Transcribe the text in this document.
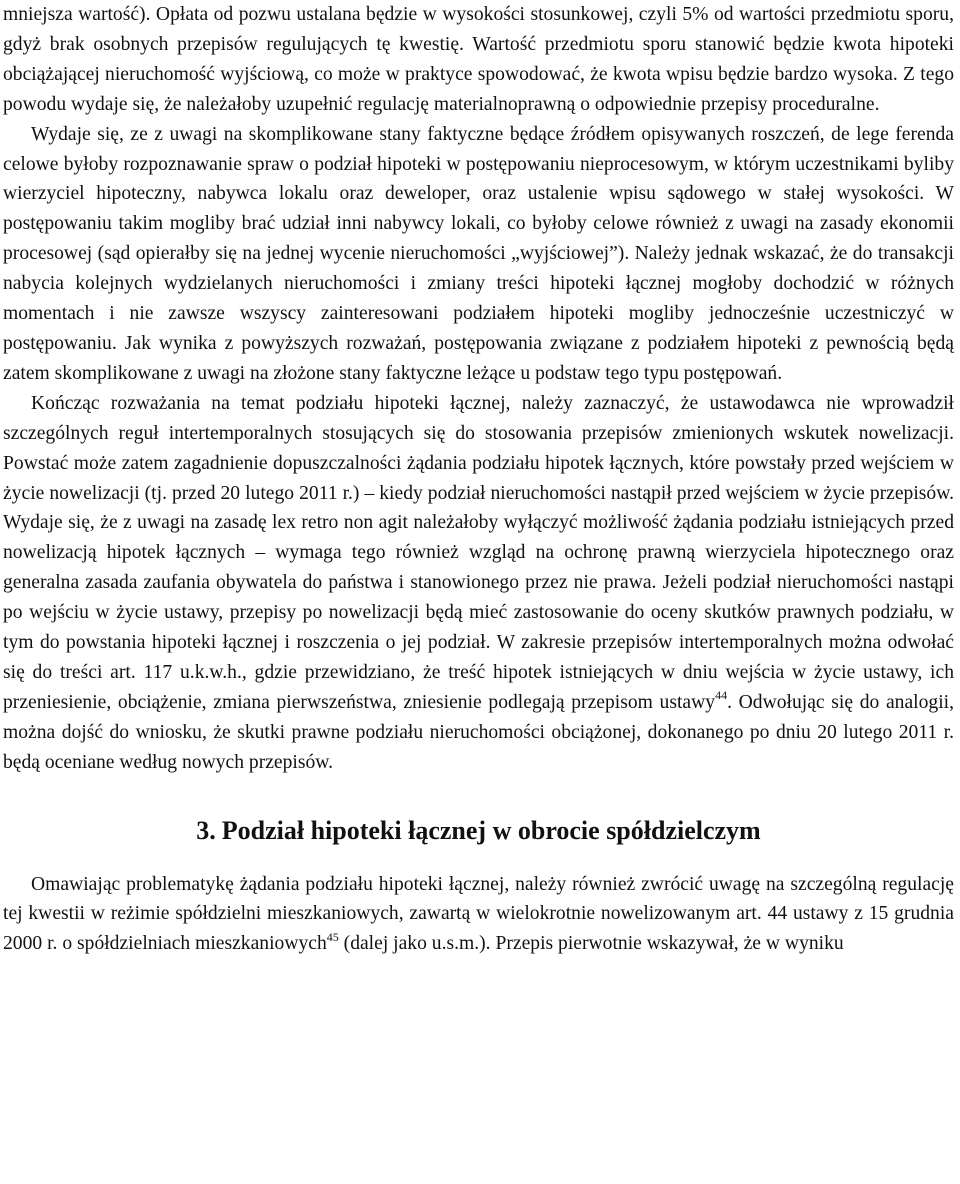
mniejsza wartość). Opłata od pozwu ustalana będzie w wysokości stosunkowej, czyli 5% od wartości przedmiotu sporu, gdyż brak osobnych przepisów regulujących tę kwestię. Wartość przedmiotu sporu stanowić będzie kwota hipoteki obciążającej nieruchomość wyjściową, co może w praktyce spowodować, że kwota wpisu będzie bardzo wysoka. Z tego powodu wydaje się, że należałoby uzupełnić regulację materialnoprawną o odpowiednie przepisy proceduralne.

Wydaje się, ze z uwagi na skomplikowane stany faktyczne będące źródłem opisywanych roszczeń, de lege ferenda celowe byłoby rozpoznawanie spraw o podział hipoteki w postępowaniu nieprocesowym, w którym uczestnikami byliby wierzyciel hipoteczny, nabywca lokalu oraz deweloper, oraz ustalenie wpisu sądowego w stałej wysokości. W postępowaniu takim mogliby brać udział inni nabywcy lokali, co byłoby celowe również z uwagi na zasady ekonomii procesowej (sąd opierałby się na jednej wycenie nieruchomości „wyjściowej”). Należy jednak wskazać, że do transakcji nabycia kolejnych wydzielanych nieruchomości i zmiany treści hipoteki łącznej mogłoby dochodzić w różnych momentach i nie zawsze wszyscy zainteresowani podziałem hipoteki mogliby jednocześnie uczestniczyć w postępowaniu. Jak wynika z powyższych rozważań, postępowania związane z podziałem hipoteki z pewnością będą zatem skomplikowane z uwagi na złożone stany faktyczne leżące u podstaw tego typu postępowań.

Kończąc rozważania na temat podziału hipoteki łącznej, należy zaznaczyć, że ustawodawca nie wprowadził szczególnych reguł intertemporalnych stosujących się do stosowania przepisów zmienionych wskutek nowelizacji. Powstać może zatem zagadnienie dopuszczalności żądania podziału hipotek łącznych, które powstały przed wejściem w życie nowelizacji (tj. przed 20 lutego 2011 r.) – kiedy podział nieruchomości nastąpił przed wejściem w życie przepisów. Wydaje się, że z uwagi na zasadę lex retro non agit należałoby wyłączyć możliwość żądania podziału istniejących przed nowelizacją hipotek łącznych – wymaga tego również wzgląd na ochronę prawną wierzyciela hipotecznego oraz generalna zasada zaufania obywatela do państwa i stanowionego przez nie prawa. Jeżeli podział nieruchomości nastąpi po wejściu w życie ustawy, przepisy po nowelizacji będą mieć zastosowanie do oceny skutków prawnych podziału, w tym do powstania hipoteki łącznej i roszczenia o jej podział. W zakresie przepisów intertemporalnych można odwołać się do treści art. 117 u.k.w.h., gdzie przewidziano, że treść hipotek istniejących w dniu wejścia w życie ustawy, ich przeniesienie, obciążenie, zmiana pierwszeństwa, zniesienie podlegają przepisom ustawy$^{44}$. Odwołując się do analogii, można dojść do wniosku, że skutki prawne podziału nieruchomości obciążonej, dokonanego po dniu 20 lutego 2011 r. będą oceniane według nowych przepisów.

3. Podział hipoteki łącznej w obrocie spółdzielczym

Omawiając problematykę żądania podziału hipoteki łącznej, należy również zwrócić uwagę na szczególną regulację tej kwestii w reżimie spółdzielni mieszkaniowych, zawartą w wielokrotnie nowelizowanym art. 44 ustawy z 15 grudnia 2000 r. o spółdzielniach mieszkaniowych$^{45}$ (dalej jako u.s.m.). Przepis pierwotnie wskazywał, że w wyniku
